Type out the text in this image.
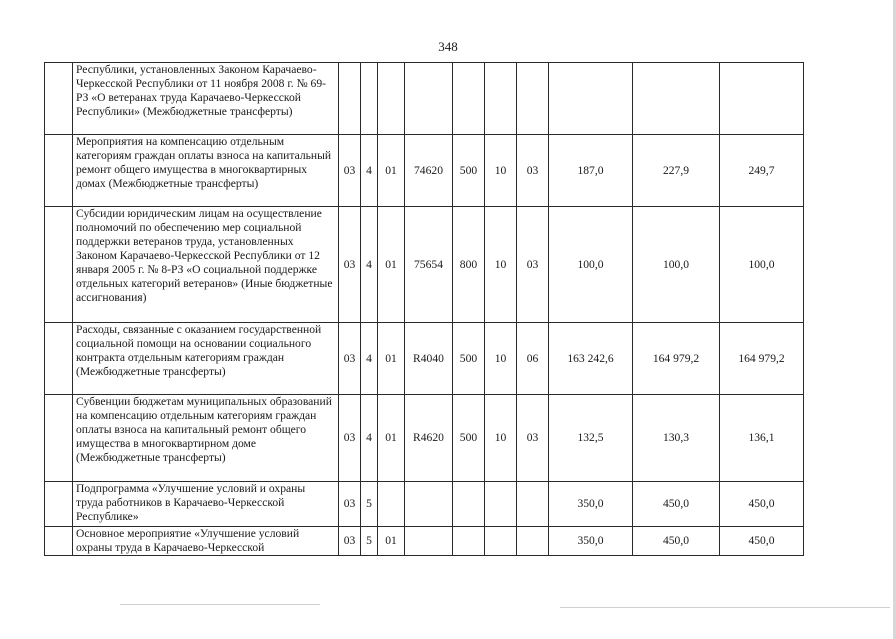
348
	Республики, установленных Законом Карачаево-Черкесской Республики от 11 ноября 2008 г. № 69-РЗ «О ветеранах труда Карачаево-Черкесской Республики» (Межбюджетные трансферты)										
	Мероприятия на компенсацию отдельным категориям граждан оплаты взноса на капитальный ремонт общего имущества в многоквартирных домах (Межбюджетные трансферты)	03	4	01	74620	500	10	03	187,0	227,9	249,7
	Субсидии юридическим лицам на осуществление полномочий по обеспечению мер социальной поддержки ветеранов труда, установленных Законом Карачаево-Черкесской Республики от 12 января 2005 г. № 8-РЗ «О социальной поддержке отдельных категорий ветеранов» (Иные бюджетные ассигнования)	03	4	01	75654	800	10	03	100,0	100,0	100,0
	Расходы, связанные с оказанием государственной социальной помощи на основании социального контракта отдельным категориям граждан (Межбюджетные трансферты)	03	4	01	R4040	500	10	06	163 242,6	164 979,2	164 979,2
	Субвенции бюджетам муниципальных образований на компенсацию отдельным категориям граждан оплаты взноса на капитальный ремонт общего имущества в многоквартирном доме (Межбюджетные трансферты)	03	4	01	R4620	500	10	03	132,5	130,3	136,1
	Подпрограмма «Улучшение условий и охраны труда работников в Карачаево-Черкесской Республике»	03	5						350,0	450,0	450,0
	Основное мероприятие «Улучшение условий охраны труда в Карачаево-Черкесской	03	5	01					350,0	450,0	450,0
